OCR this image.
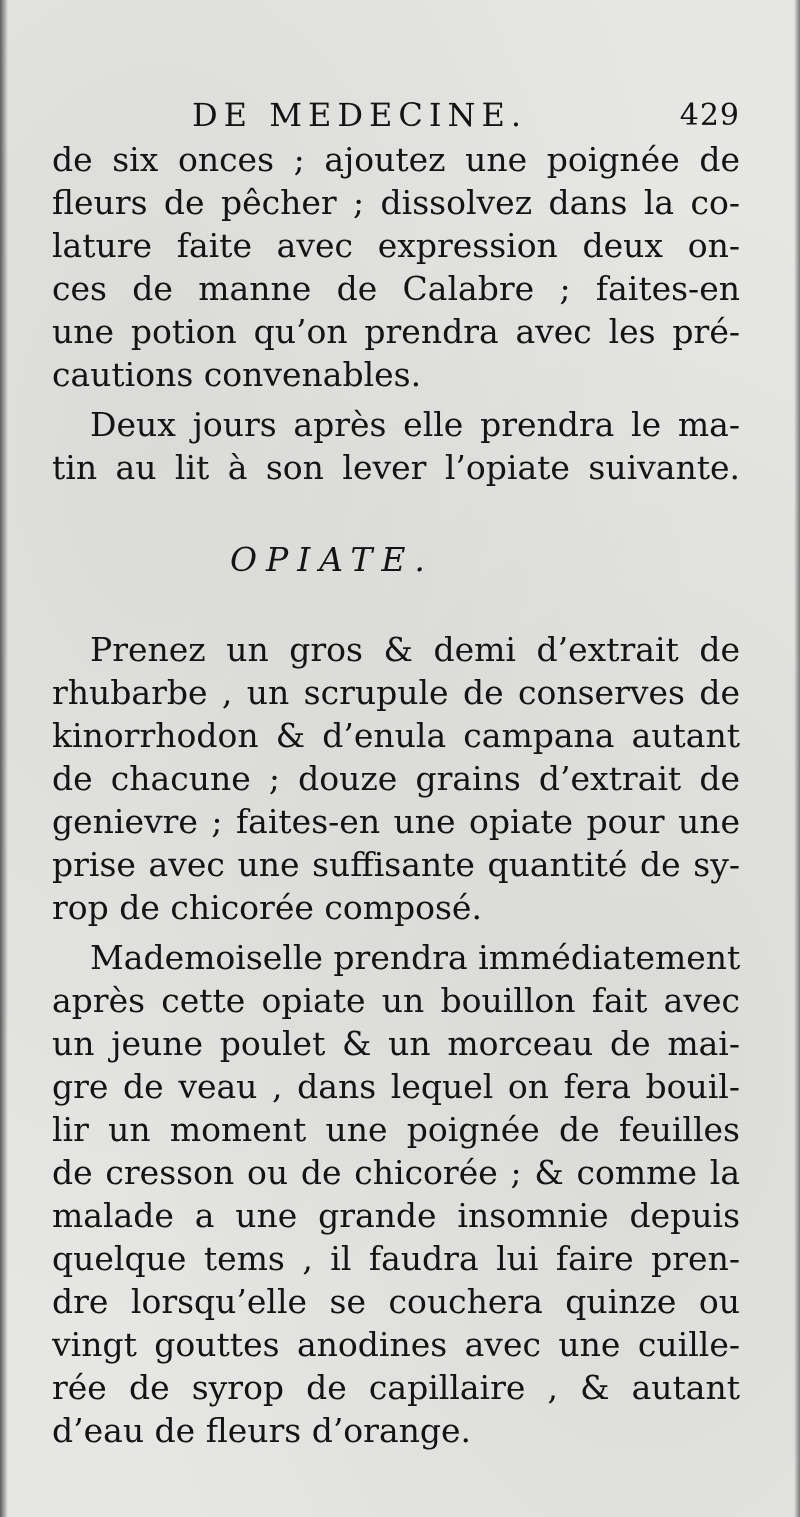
DE MEDECINE.	429
de six onces ; ajoutez une poignée de
fleurs de pêcher ; dissolvez dans la co-
lature faite avec expression deux on-
ces de manne de Calabre ; faites-en
une potion qu’on prendra avec les pré-
cautions convenables.
Deux jours après elle prendra le ma-
tin au lit à son lever l’opiate suivante.
OPIATE.
Prenez un gros & demi d’extrait de
rhubarbe , un scrupule de conserves de
kinorrhodon & d’enula campana autant
de chacune ; douze grains d’extrait de
genievre ; faites-en une opiate pour une
prise avec une suffisante quantité de sy-
rop de chicorée composé.
Mademoiselle prendra immédiatement
après cette opiate un bouillon fait avec
un jeune poulet & un morceau de mai-
gre de veau , dans lequel on fera bouil-
lir un moment une poignée de feuilles
de cresson ou de chicorée ; & comme la
malade a une grande insomnie depuis
quelque tems , il faudra lui faire pren-
dre lorsqu’elle se couchera quinze ou
vingt gouttes anodines avec une cuille-
rée de syrop de capillaire , & autant
d’eau de fleurs d’orange.
